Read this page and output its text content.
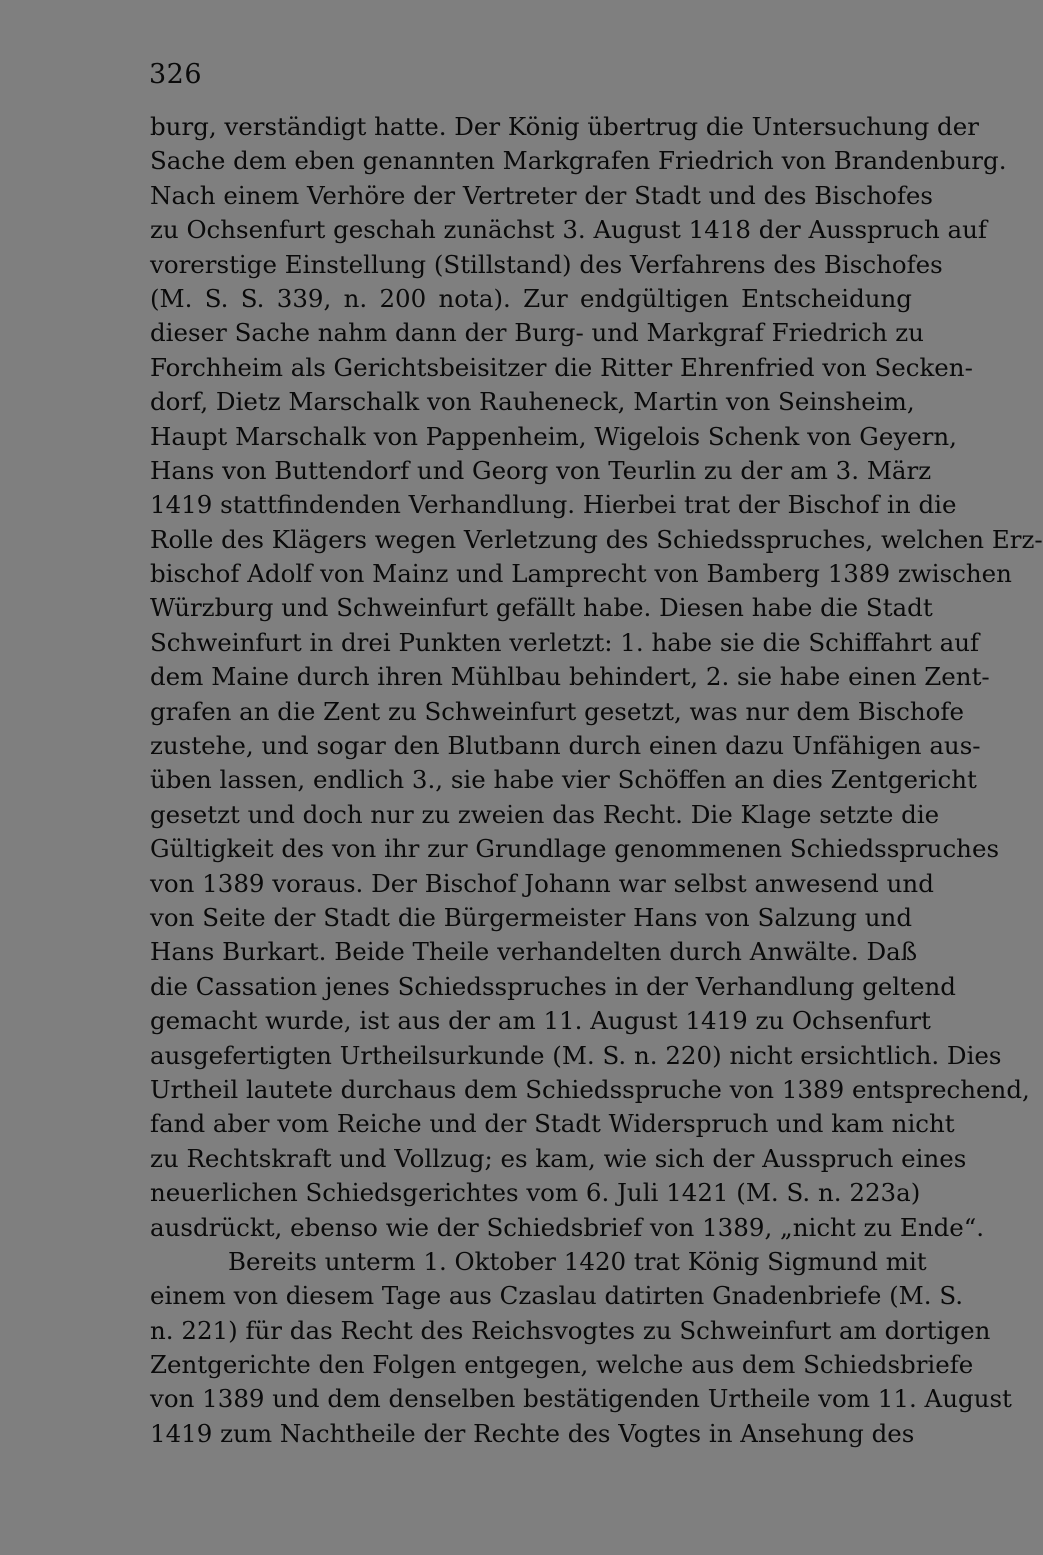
326
burg, verständigt hatte. Der König übertrug die Untersuchung der
Sache dem eben genannten Markgrafen Friedrich von Brandenburg.
Nach einem Verhöre der Vertreter der Stadt und des Bischofes
zu Ochsenfurt geschah zunächst 3. August 1418 der Ausspruch auf
vorerstige Einstellung (Stillstand) des Verfahrens des Bischofes
(M. S. S. 339, n. 200 nota). Zur endgültigen Entscheidung
dieser Sache nahm dann der Burg- und Markgraf Friedrich zu
Forchheim als Gerichtsbeisitzer die Ritter Ehrenfried von Secken-
dorf, Dietz Marschalk von Rauheneck, Martin von Seinsheim,
Haupt Marschalk von Pappenheim, Wigelois Schenk von Geyern,
Hans von Buttendorf und Georg von Teurlin zu der am 3. März
1419 stattfindenden Verhandlung. Hierbei trat der Bischof in die
Rolle des Klägers wegen Verletzung des Schiedsspruches, welchen Erz-
bischof Adolf von Mainz und Lamprecht von Bamberg 1389 zwischen
Würzburg und Schweinfurt gefällt habe. Diesen habe die Stadt
Schweinfurt in drei Punkten verletzt: 1. habe sie die Schiffahrt auf
dem Maine durch ihren Mühlbau behindert, 2. sie habe einen Zent-
grafen an die Zent zu Schweinfurt gesetzt, was nur dem Bischofe
zustehe, und sogar den Blutbann durch einen dazu Unfähigen aus-
üben lassen, endlich 3., sie habe vier Schöffen an dies Zentgericht
gesetzt und doch nur zu zweien das Recht. Die Klage setzte die
Gültigkeit des von ihr zur Grundlage genommenen Schiedsspruches
von 1389 voraus. Der Bischof Johann war selbst anwesend und
von Seite der Stadt die Bürgermeister Hans von Salzung und
Hans Burkart. Beide Theile verhandelten durch Anwälte. Daß
die Cassation jenes Schiedsspruches in der Verhandlung geltend
gemacht wurde, ist aus der am 11. August 1419 zu Ochsenfurt
ausgefertigten Urtheilsurkunde (M. S. n. 220) nicht ersichtlich. Dies
Urtheil lautete durchaus dem Schiedsspruche von 1389 entsprechend,
fand aber vom Reiche und der Stadt Widerspruch und kam nicht
zu Rechtskraft und Vollzug; es kam, wie sich der Ausspruch eines
neuerlichen Schiedsgerichtes vom 6. Juli 1421 (M. S. n. 223a)
ausdrückt, ebenso wie der Schiedsbrief von 1389, „nicht zu Ende“.
Bereits unterm 1. Oktober 1420 trat König Sigmund mit
einem von diesem Tage aus Czaslau datirten Gnadenbriefe (M. S.
n. 221) für das Recht des Reichsvogtes zu Schweinfurt am dortigen
Zentgerichte den Folgen entgegen, welche aus dem Schiedsbriefe
von 1389 und dem denselben bestätigenden Urtheile vom 11. August
1419 zum Nachtheile der Rechte des Vogtes in Ansehung des
